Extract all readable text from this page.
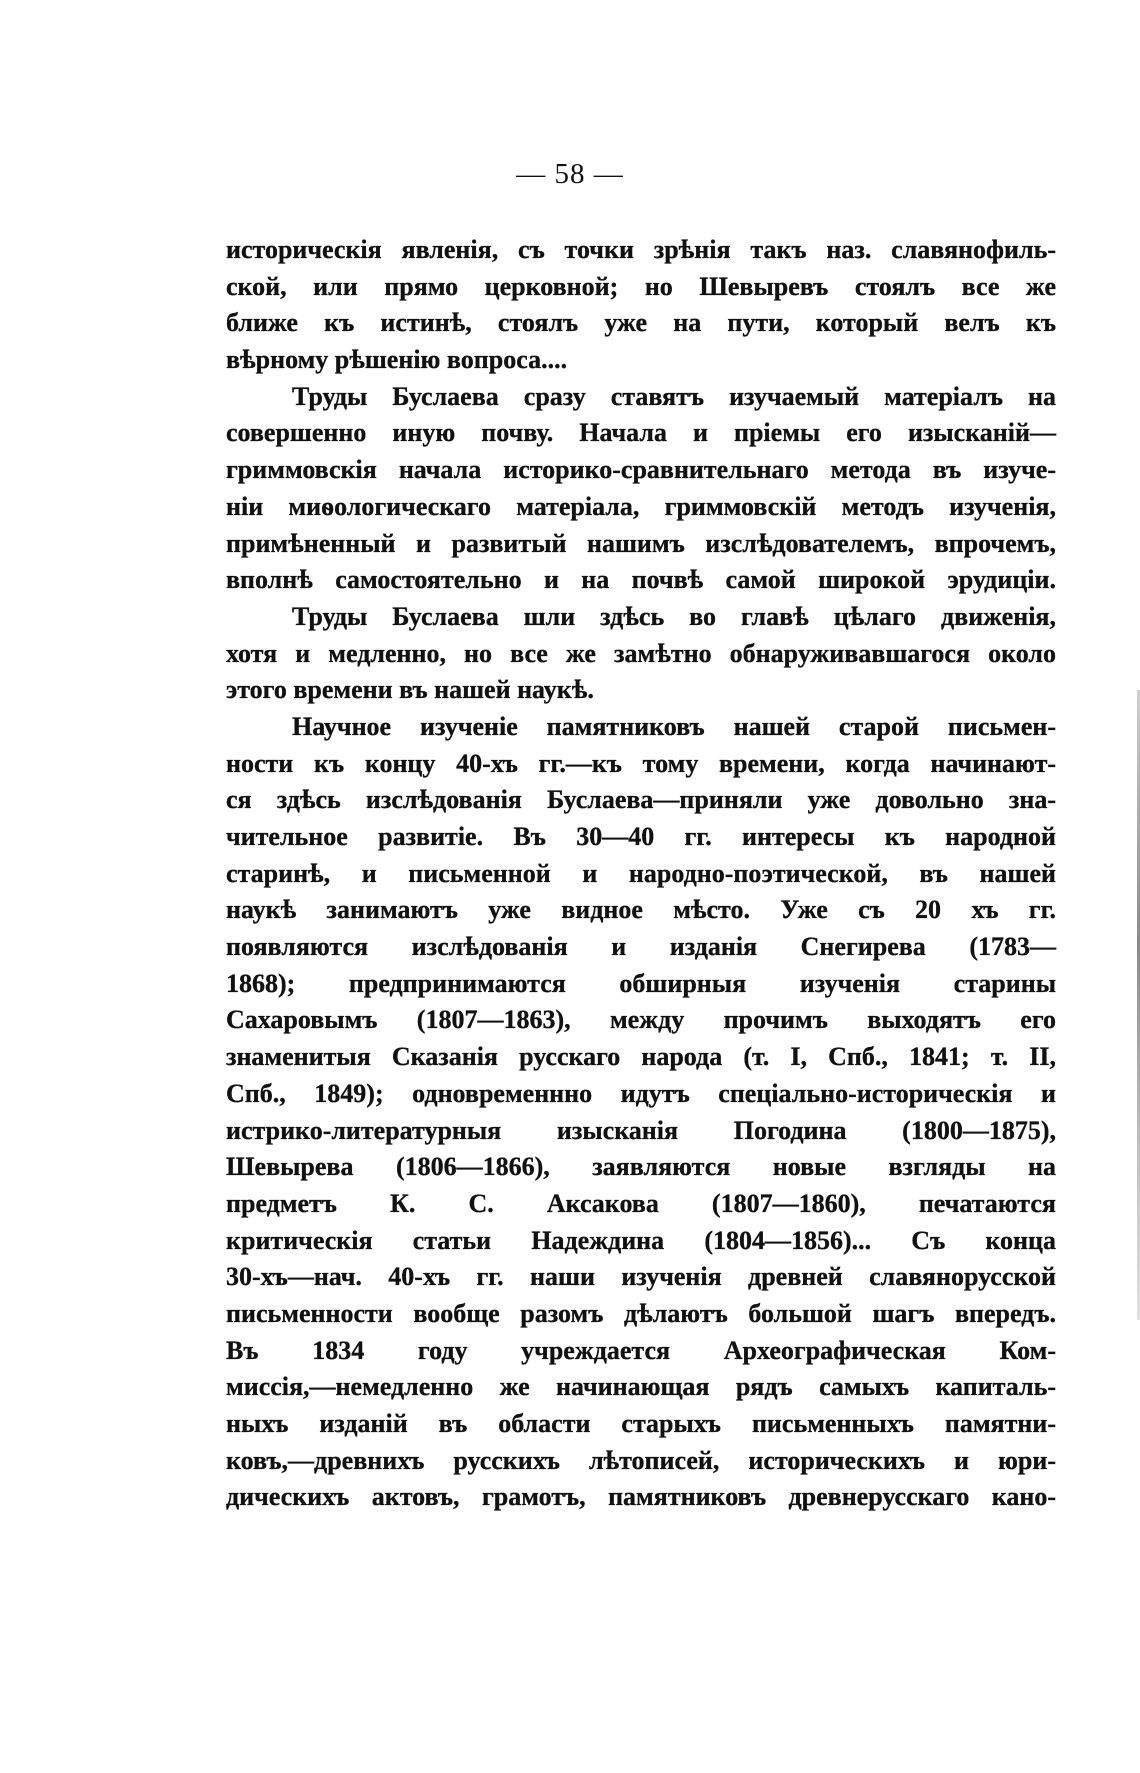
— 58 —
историческія явленія, съ точки зрѣнія такъ наз. славянофиль-
ской, или прямо церковной; но Шевыревъ стоялъ все же
ближе къ истинѣ, стоялъ уже на пути, который велъ къ
вѣрному рѣшенію вопроса....
Труды Буслаева сразу ставятъ изучаемый матеріалъ на
совершенно иную почву. Начала и пріемы его изысканій—
гриммовскія начала историко-сравнительнаго метода въ изуче-
ніи миѳологическаго матеріала, гриммовскій методъ изученія,
примѣненный и развитый нашимъ изслѣдователемъ, впрочемъ,
вполнѣ самостоятельно и на почвѣ самой широкой эрудиціи.
Труды Буслаева шли здѣсь во главѣ цѣлаго движенія,
хотя и медленно, но все же замѣтно обнаруживавшагося около
этого времени въ нашей наукѣ.
Научное изученіе памятниковъ нашей старой письмен-
ности къ концу 40-хъ гг.—къ тому времени, когда начинают-
ся здѣсь изслѣдованія Буслаева—приняли уже довольно зна-
чительное развитіе. Въ 30—40 гг. интересы къ народной
старинѣ, и письменной и народно-поэтической, въ нашей
наукѣ занимаютъ уже видное мѣсто. Уже съ 20 хъ гг.
появляются изслѣдованія и изданія Снегирева (1783—
1868); предпринимаются обширныя изученія старины
Сахаровымъ (1807—1863), между прочимъ выходятъ его
знаменитыя Сказанія русскаго народа (т. I, Спб., 1841; т. II,
Спб., 1849); одновременнно идутъ спеціально-историческія и
истрико-литературныя изысканія Погодина (1800—1875),
Шевырева (1806—1866), заявляются новые взгляды на
предметъ К. С. Аксакова (1807—1860), печатаются
критическія статьи Надеждина (1804—1856)... Съ конца
30-хъ—нач. 40-хъ гг. наши изученія древней славянорусской
письменности вообще разомъ дѣлаютъ большой шагъ впередъ.
Въ 1834 году учреждается Археографическая Ком-
миссія,—немедленно же начинающая рядъ самыхъ капиталь-
ныхъ изданій въ области старыхъ письменныхъ памятни-
ковъ,—древнихъ русскихъ лѣтописей, историческихъ и юри-
дическихъ актовъ, грамотъ, памятниковъ древнерусскаго кано-
